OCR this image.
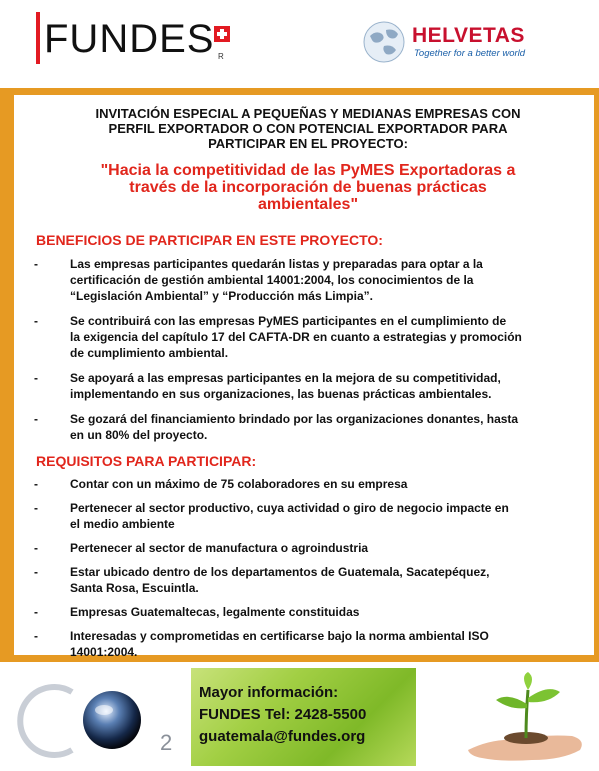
FUNDES R
HELVETAS
Together for a better world
INVITACIÓN ESPECIAL A PEQUEÑAS Y MEDIANAS EMPRESAS CON
PERFIL EXPORTADOR O CON POTENCIAL EXPORTADOR PARA
PARTICIPAR EN EL PROYECTO:
"Hacia la competitividad de las PyMES Exportadoras a
través de la incorporación de buenas prácticas
ambientales"
BENEFICIOS DE PARTICIPAR EN ESTE PROYECTO:
-	Las empresas participantes quedarán listas y preparadas para optar a la
certificación de gestión ambiental 14001:2004, los conocimientos de la
“Legislación Ambiental” y “Producción más Limpia”.
-	Se contribuirá con las empresas PyMES participantes en el cumplimiento de
la exigencia del capítulo 17 del CAFTA-DR en cuanto a estrategias y promoción
de cumplimiento ambiental.
-	Se apoyará a las empresas participantes en la mejora de su competitividad,
implementando en sus organizaciones, las buenas prácticas ambientales.
-	Se gozará del financiamiento brindado por las organizaciones donantes, hasta
en un 80% del proyecto.
REQUISITOS PARA PARTICIPAR:
-	Contar con un máximo de 75 colaboradores en su empresa
-	Pertenecer al sector productivo, cuya actividad o giro de negocio impacte en
el medio ambiente
-	Pertenecer al sector de manufactura o agroindustria
-	Estar ubicado dentro de los departamentos de Guatemala, Sacatepéquez,
Santa Rosa, Escuintla.
-	Empresas Guatemaltecas, legalmente constituidas
-	Interesadas y comprometidas en certificarse bajo la norma ambiental ISO
14001:2004.
2
Mayor información:
FUNDES Tel: 2428-5500
guatemala@fundes.org
